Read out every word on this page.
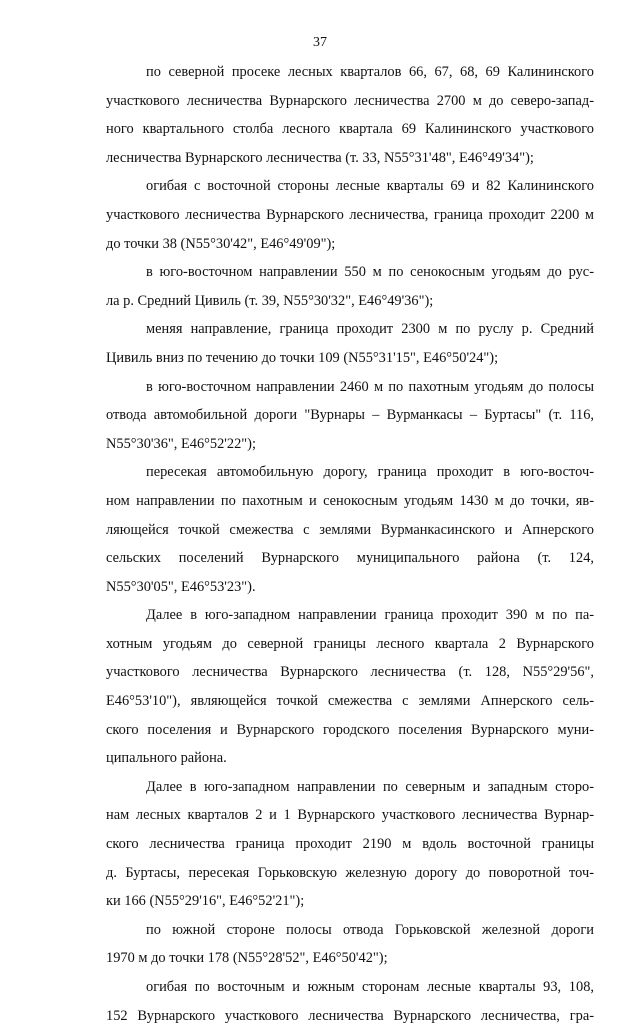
37
по северной просеке лесных кварталов 66, 67, 68, 69 Калининского
участкового лесничества Вурнарского лесничества 2700 м до северо-запад-
ного квартального столба лесного квартала 69 Калининского участкового
лесничества Вурнарского лесничества (т. 33, N55°31'48", E46°49'34");
огибая с восточной стороны лесные кварталы 69 и 82 Калининского
участкового лесничества Вурнарского лесничества, граница проходит 2200 м
до точки 38 (N55°30'42", E46°49'09");
в юго-восточном направлении 550 м по сенокосным угодьям до рус-
ла р. Средний Цивиль (т. 39, N55°30'32", E46°49'36");
меняя направление, граница проходит 2300 м по руслу р. Средний
Цивиль вниз по течению до точки 109 (N55°31'15", E46°50'24");
в юго-восточном направлении 2460 м по пахотным угодьям до полосы
отвода автомобильной дороги "Вурнары – Вурманкасы – Буртасы" (т. 116,
N55°30'36", E46°52'22");
пересекая автомобильную дорогу, граница проходит в юго-восточ-
ном направлении по пахотным и сенокосным угодьям 1430 м до точки, яв-
ляющейся точкой смежества с землями Вурманкасинского и Апнерского
сельских поселений Вурнарского муниципального района (т. 124,
N55°30'05", E46°53'23").
Далее в юго-западном направлении граница проходит 390 м по па-
хотным угодьям до северной границы лесного квартала 2 Вурнарского
участкового лесничества Вурнарского лесничества (т. 128, N55°29'56",
E46°53'10"), являющейся точкой смежества с землями Апнерского сель-
ского поселения и Вурнарского городского поселения Вурнарского муни-
ципального района.
Далее в юго-западном направлении по северным и западным сторо-
нам лесных кварталов 2 и 1 Вурнарского участкового лесничества Вурнар-
ского лесничества граница проходит 2190 м вдоль восточной границы
д. Буртасы, пересекая Горьковскую железную дорогу до поворотной точ-
ки 166 (N55°29'16", E46°52'21");
по южной стороне полосы отвода Горьковской железной дороги
1970 м до точки 178 (N55°28'52", E46°50'42");
огибая по восточным и южным сторонам лесные кварталы 93, 108,
152 Вурнарского участкового лесничества Вурнарского лесничества, гра-
